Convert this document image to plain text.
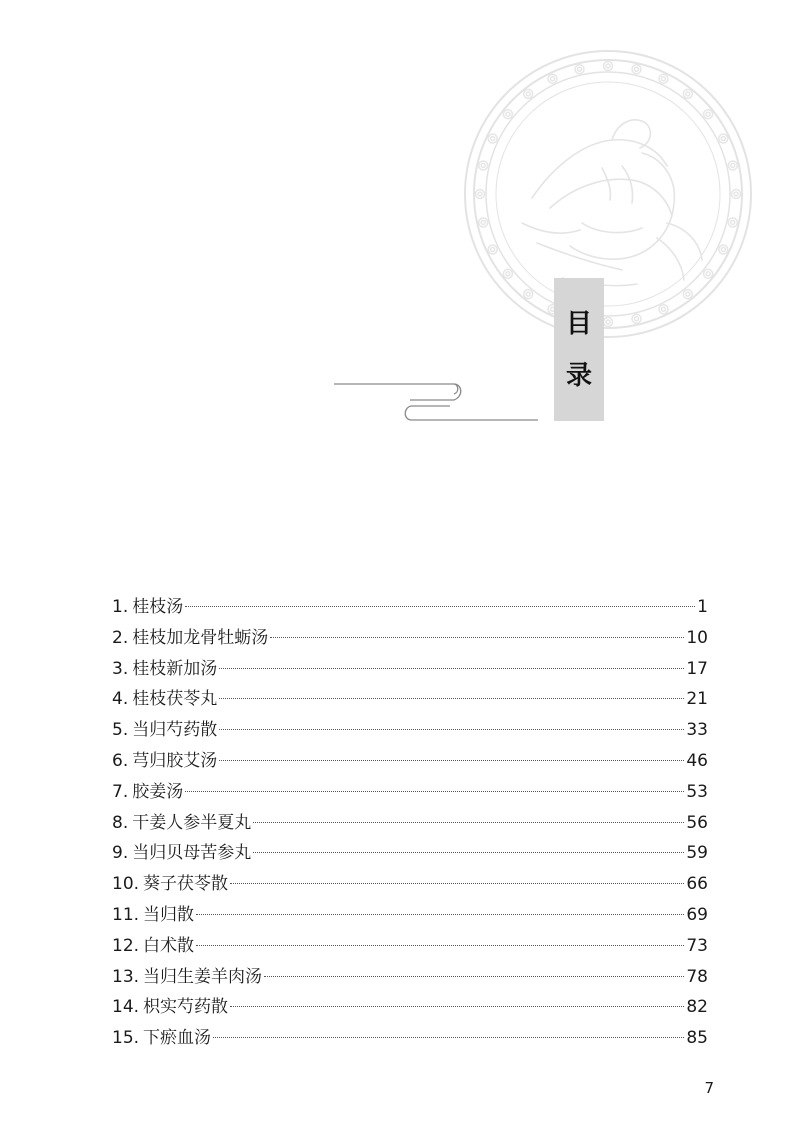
目
录
1. 桂枝汤	1
2. 桂枝加龙骨牡蛎汤	10
3. 桂枝新加汤	17
4. 桂枝茯苓丸	21
5. 当归芍药散	33
6. 芎归胶艾汤	46
7. 胶姜汤	53
8. 干姜人参半夏丸	56
9. 当归贝母苦参丸	59
10. 葵子茯苓散	66
11. 当归散	69
12. 白术散	73
13. 当归生姜羊肉汤	78
14. 枳实芍药散	82
15. 下瘀血汤	85
7
